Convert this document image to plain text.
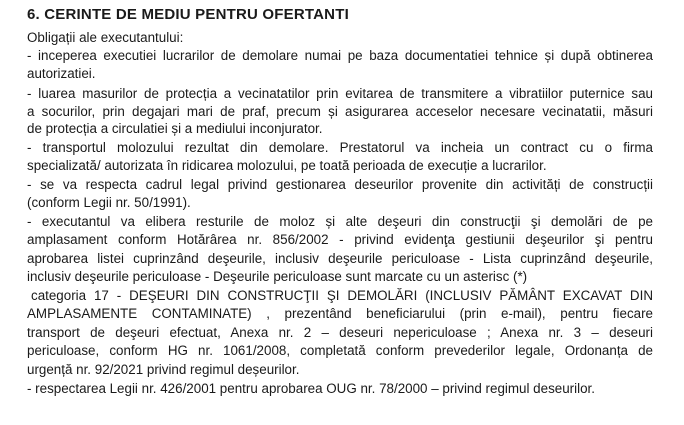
6. CERINTE DE MEDIU PENTRU OFERTANTI
Obligații ale executantului:
- inceperea executiei lucrarilor de demolare numai pe baza documentatiei tehnice și după obtinerea
autorizatiei.
- luarea masurilor de protecția a vecinatatilor prin evitarea de transmitere a vibratiilor puternice sau
a socurilor, prin degajari mari de praf, precum și asigurarea acceselor necesare vecinatatii, măsuri
de protecția a circulatiei și a mediului inconjurator.
- transportul molozului rezultat din demolare. Prestatorul va incheia un contract cu o firma
specializată/ autorizata în ridicarea molozului, pe toată perioada de execuție a lucrarilor.
- se va respecta cadrul legal privind gestionarea deseurilor provenite din activități de construcții
(conform Legii nr. 50/1991).
- executantul va elibera resturile de moloz și alte deşeuri din construcţii şi demolări de pe
amplasament conform Hotărârea nr. 856/2002 - privind evidenţa gestiunii deşeurilor şi pentru
aprobarea listei cuprinzând deşeurile, inclusiv deşeurile periculoase - Lista cuprinzând deşeurile,
inclusiv deşeurile periculoase - Deşeurile periculoase sunt marcate cu un asterisc (*)
categoria 17 - DEŞEURI DIN CONSTRUCŢII ŞI DEMOLĂRI (INCLUSIV PĂMÂNT EXCAVAT DIN
AMPLASAMENTE CONTAMINATE) , prezentând beneficiarului (prin e-mail), pentru fiecare
transport de deşeuri efectuat, Anexa nr. 2 – deseuri nepericuloase ; Anexa nr. 3 – deseuri
periculoase, conform HG nr. 1061/2008, completată conform prevederilor legale, Ordonanța de
urgență nr. 92/2021 privind regimul deșeurilor.
- respectarea Legii nr. 426/2001 pentru aprobarea OUG nr. 78/2000 – privind regimul deseurilor.
